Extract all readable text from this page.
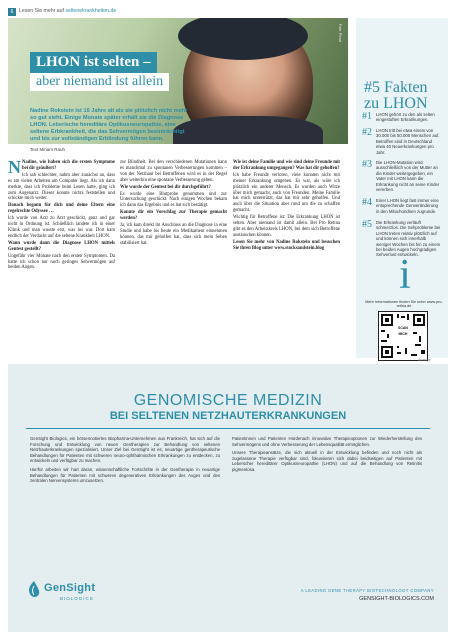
6	Lesen Sie mehr auf seltenekrankheiten.de
Foto: Privat
LHON ist selten –
aber niemand ist allein
Nadine Rokstein ist 16 Jahre alt als sie plötzlich nicht mehr so gut sieht. Einige Monate später erhält sie die Diagnose LHON. Leberische hereditäre Optikusneuropathie, eine seltene Erbkrankheit, die das Sehvermögen beeinträchtigt und bis zur vollständigen Erblindung führen kann.
Text Miriam Rauh
#5 Fakten zu LHON
#1 LHON gehört zu den als selten eingestuften Erkrankungen.
#2 LHON tritt bei etwa einem von 30.000 bis 50.000 Menschen auf. Betroffen sind in Deutschland etwa 40 Neuerkrankungen pro Jahr.
#3 Die LHON-Mutation wird ausschließlich von der Mutter an die Kinder weitergegeben, ein Vater mit LHON kann die Erkrankung nicht an seine Kinder vererben.
#4 Einer LHON liegt fast immer eine entsprechende Genveränderung in den Mitochondrien zugrunde.
#5 Die Erkrankung verläuft schmerzlos. Die Sehprobleme bei LHON treten relativ plötzlich auf und können sich innerhalb weniger Wochen bis hin zu einem bei beiden Augen hochgradigen Sehverlust entwickeln.
i
Mehr Informationen finden Sie unter www.pro-retina.de
SCAN MICH

N Nadine, wie haben sich die ersten Symptome bei dir geäußert?

Ich sah schlechter, nahm aber zunächst an, dass es am vielen Arbeiten am Computer liegt. Als ich dann merkte, dass ich Probleme beim Lesen hatte, ging ich zum Augenarzt. Dieser konnte nichts feststellen und schickte mich weiter.

Danach begann für dich und deine Eltern eine regelrechte Odyssee …

Ich wurde von Arzt zu Arzt geschickt, ganz und gar nicht in Ordnung ist. Schließlich landete ich in einer Klinik und man wusste erst, was los war. Dort kam endlich der Verdacht auf die seltene Krankheit LHON.

Wann wurde dann die Diagnose LHON mittels Gentest gestellt?

Ungefähr vier Monate nach den ersten Symptomen. Da hatte ich schon nur noch geringes Sehvermögen auf beiden Augen.

zur Blindheit. Bei den verschiedenen Mutationen kann es manchmal zu spontanen Verbesserungen kommen – von der Netzhaut bei Betroffenen wird es in der Regel aber weiterhin eine spontane Verbesserung geben.

Wie wurde der Gentest bei dir durchgeführt?

Es wurde eine Blutprobe genommen und zur Untersuchung geschickt. Nach einigen Wochen bekam ich dann das Ergebnis und es hat sich bestätigt.

Konnte dir ein Vorschlag zur Therapie gemacht werden?

Ja, ich kam direkt im Anschluss an die Diagnose in eine Studie und habe bis heute ein Medikament einnehmen können, das mir geholfen hat, dass sich mein Sehen stabilisiert hat.

Wie ist deine Familie und wie sind deine Freunde mit der Erkrankung umgegangen? Was hat dir geholfen?

Ich habe Freunde verloren, viele konnten nicht mit meiner Erkrankung umgehen. Es war, als wäre ich plötzlich ein anderer Mensch. Es wurden auch Witze über mich gemacht, auch von Freunden. Meine Familie hat mich unterstützt, das hat mir sehr geholfen. Und auch über die Situation aber rund um die zu schaffen gemacht.

Wichtig für Betroffene ist: Die Erkrankung LHON ist selten. Aber niemand ist damit allein. Bei Pro Retina gibt es den Arbeitskreis LHON, bei dem sich Betroffene austauschen können.

Lesen Sie mehr von Nadine Rokstein und besuchen Sie ihren Blog unter www.stocksandstein.blog

Anzeige
GENOMISCHE MEDIZIN
BEI SELTENEN NETZHAUTERKRANKUNGEN

GenSight Biologics, ein börsennotiertes Biopharma-Unternehmen aus Frankreich, hat sich auf die Forschung und Entwicklung von neuen Gentherapien zur Behandlung von seltenen Netzhauterkrankungen spezialisiert. Unser Ziel bei GenSight ist es, neuartige gentherapeutische Behandlungen für Patienten mit schweren neuro-ophthalmischen Erkrankungen zu entdecken, zu entwickeln und verfügbar zu machen.

Hierfür arbeiten wir hart daran, wissenschaftliche Fortschritte in der Gentherapie in neuartige Behandlungen für Patienten mit schweren degenerativen Erkrankungen des Auges und des zentralen Nervensystems umzusetzen.

Patientinnen und Patienten Hürdenach innovative Therapieoptionen zur Wiederherstellung des Sehvermögens und ohne Verbesserung der Lebensqualität ermöglichen.

Unsere Therapieansätze, die sich aktuell in der Entwicklung befinden und noch nicht als zugelassene Therapie verfügbar sind, fokussieren sich dabei beidseitigen auf Patienten mit Leberscher hereditärer Optikusneuropathie (LHON) und auf die Behandlung von Retinitis pigmentosa.

GenSight
BIOLOGICS
A LEADING GENE THERAPY BIOTECHNOLOGY COMPANY
GENSIGHT-BIOLOGICS.COM
